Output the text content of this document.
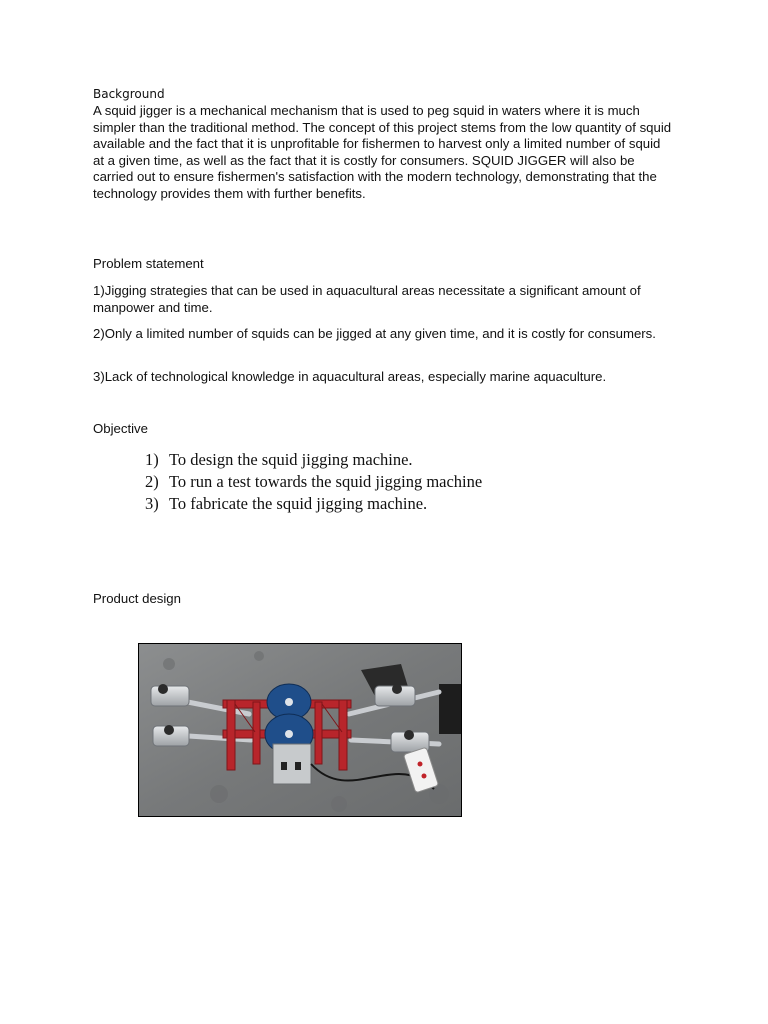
Background

A squid jigger is a mechanical mechanism that is used to peg squid in waters where it is much simpler than the traditional method. The concept of this project stems from the low quantity of squid available and the fact that it is unprofitable for fishermen to harvest only a limited number of squid at a given time, as well as the fact that it is costly for consumers. SQUID JIGGER will also be carried out to ensure fishermen's satisfaction with the modern technology, demonstrating that the technology provides them with further benefits.

Problem statement

1)Jigging strategies that can be used in aquacultural areas necessitate a significant amount of manpower and time.

2)Only a limited number of squids can be jigged at any given time, and it is costly for consumers.

3)Lack of technological knowledge in aquacultural areas, especially marine aquaculture.

Objective
1) To design the squid jigging machine.
2) To run a test towards the squid jigging machine
3) To fabricate the squid jigging machine.
Product design
